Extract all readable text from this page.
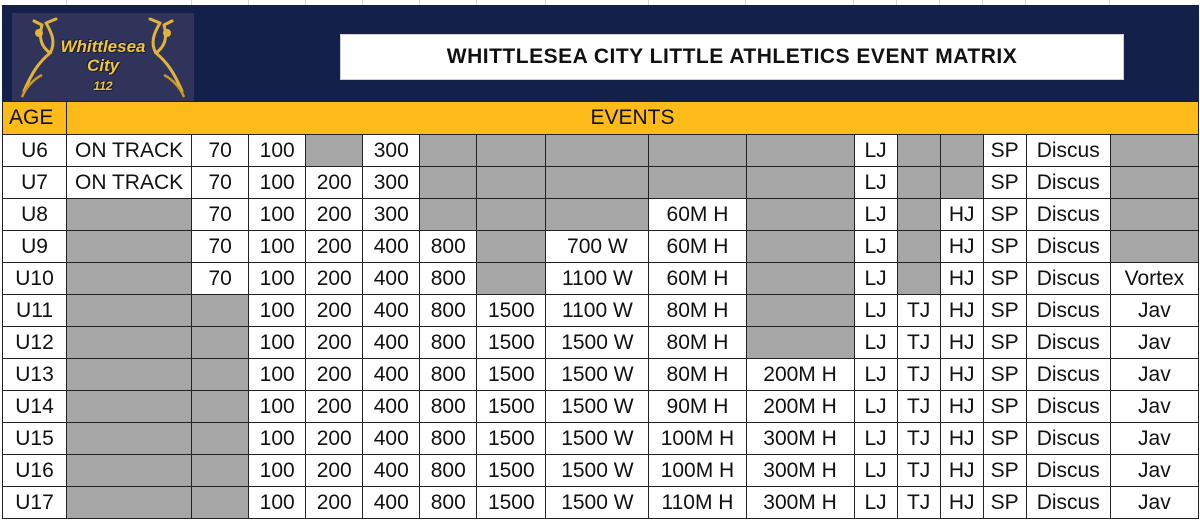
Whittlesea
City
112
WHITTLESEA CITY LITTLE ATHLETICS EVENT MATRIX
AGE	EVENTS															
U6	ON TRACK	70	100		300						LJ			SP	Discus	
U7	ON TRACK	70	100	200	300						LJ			SP	Discus	
U8		70	100	200	300				60M H		LJ		HJ	SP	Discus	
U9		70	100	200	400	800		700 W	60M H		LJ		HJ	SP	Discus	
U10		70	100	200	400	800		1100 W	60M H		LJ		HJ	SP	Discus	Vortex
U11			100	200	400	800	1500	1100 W	80M H		LJ	TJ	HJ	SP	Discus	Jav
U12			100	200	400	800	1500	1500 W	80M H		LJ	TJ	HJ	SP	Discus	Jav
U13			100	200	400	800	1500	1500 W	80M H	200M H	LJ	TJ	HJ	SP	Discus	Jav
U14			100	200	400	800	1500	1500 W	90M H	200M H	LJ	TJ	HJ	SP	Discus	Jav
U15			100	200	400	800	1500	1500 W	100M H	300M H	LJ	TJ	HJ	SP	Discus	Jav
U16			100	200	400	800	1500	1500 W	100M H	300M H	LJ	TJ	HJ	SP	Discus	Jav
U17			100	200	400	800	1500	1500 W	110M H	300M H	LJ	TJ	HJ	SP	Discus	Jav
